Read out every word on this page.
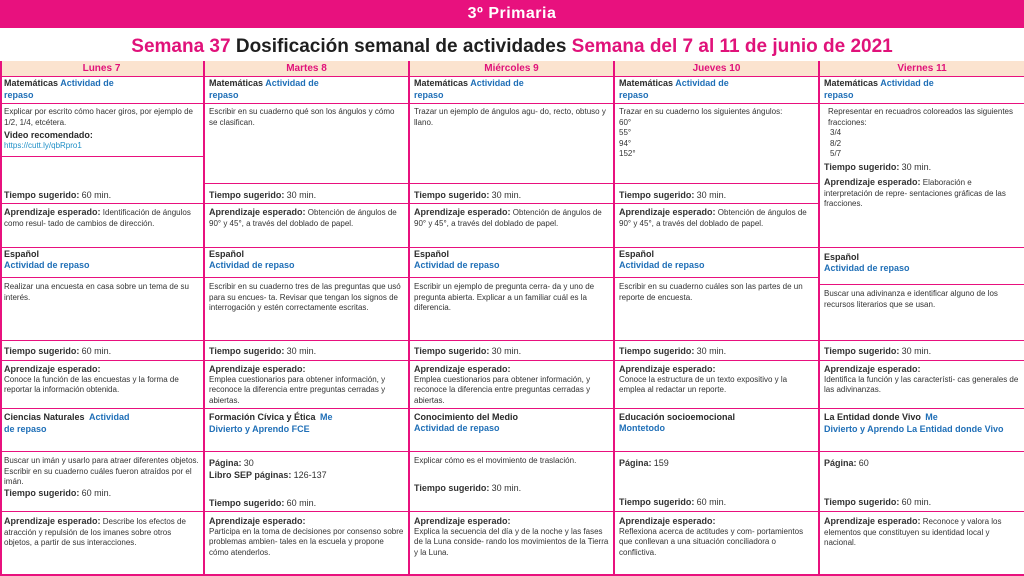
3º Primaria
Semana 37 Dosificación semanal de actividades Semana del 7 al 11 de junio de 2021
Lunes 7
Matemáticas Actividad de
repaso
Explicar por escrito cómo hacer giros, por ejemplo de 1/2, 1/4, etcétera.
Video recomendado:
https://cutt.ly/qbRpro1
Tiempo sugerido: 60 min.
Aprendizaje esperado: Identificación de ángulos como resul- tado de cambios de dirección.
Español
Actividad de repaso
Realizar una encuesta en casa sobre un tema de su interés.
Tiempo sugerido: 60 min.
Aprendizaje esperado:
Conoce la función de las encuestas y la forma de reportar la información obtenida.
Ciencias Naturales Actividad
de repaso
Buscar un imán y usarlo para atraer diferentes objetos. Escribir en su cuaderno cuáles fueron atraídos por el imán.
Tiempo sugerido: 60 min.
Aprendizaje esperado: Describe los efectos de atracción y repulsión de los imanes sobre otros objetos, a partir de sus interacciones.
Martes 8
Matemáticas Actividad de
repaso
Escribir en su cuaderno qué son los ángulos y cómo se clasifican.
Tiempo sugerido: 30 min.
Aprendizaje esperado: Obtención de ángulos de 90° y 45°, a través del doblado de papel.
Español
Actividad de repaso
Escribir en su cuaderno tres de las preguntas que usó para su encues- ta. Revisar que tengan los signos de interrogación y estén correctamente escritas.
Tiempo sugerido: 30 min.
Aprendizaje esperado:
Emplea cuestionarios para obtener información, y reconoce la diferencia entre preguntas cerradas y abiertas.
Formación Cívica y Ética Me
Divierto y Aprendo FCE
Página: 30
Libro SEP páginas: 126-137
Tiempo sugerido: 60 min.
Aprendizaje esperado:
Participa en la toma de decisiones por consenso sobre problemas ambien- tales en la escuela y propone cómo atenderlos.
Miércoles 9
Matemáticas Actividad de
repaso
Trazar un ejemplo de ángulos agu- do, recto, obtuso y llano.
Tiempo sugerido: 30 min.
Aprendizaje esperado: Obtención de ángulos de 90° y 45°, a través del doblado de papel.
Español
Actividad de repaso
Escribir un ejemplo de pregunta cerra- da y uno de pregunta abierta. Explicar a un familiar cuál es la diferencia.
Tiempo sugerido: 30 min.
Aprendizaje esperado:
Emplea cuestionarios para obtener información, y reconoce la diferencia entre preguntas cerradas y abiertas.
Conocimiento del Medio
Actividad de repaso
Explicar cómo es el movimiento de traslación.
Tiempo sugerido: 30 min.
Aprendizaje esperado:
Explica la secuencia del día y de la noche y las fases de la Luna conside- rando los movimientos de la Tierra y la Luna.
Jueves 10
Matemáticas Actividad de
repaso
Trazar en su cuaderno los siguientes ángulos:
60°
55°
94°
152°
Tiempo sugerido: 30 min.
Aprendizaje esperado: Obtención de ángulos de 90° y 45°, a través del doblado de papel.
Español
Actividad de repaso
Escribir en su cuaderno cuáles son las partes de un reporte de encuesta.
Tiempo sugerido: 30 min.
Aprendizaje esperado:
Conoce la estructura de un texto expositivo y la emplea al redactar un reporte.
Educación socioemocional
Montetodo
Página: 159
Tiempo sugerido: 60 min.
Aprendizaje esperado:
Reflexiona acerca de actitudes y com- portamientos que conllevan a una situación conciliadora o conflictiva.
Viernes 11
Matemáticas Actividad de
repaso
Representar en recuadros coloreados las siguientes fracciones:
3/4
8/2
5/7
Tiempo sugerido: 30 min.
Aprendizaje esperado: Elaboración e interpretación de repre- sentaciones gráficas de las fracciones.
Español
Actividad de repaso
Buscar una adivinanza e identificar alguno de los recursos literarios que se usan.
Tiempo sugerido: 30 min.
Aprendizaje esperado:
Identifica la función y las característi- cas generales de las adivinanzas.
La Entidad donde Vivo Me
Divierto y Aprendo La Entidad donde Vivo
Página: 60
Tiempo sugerido: 60 min.
Aprendizaje esperado: Reconoce y valora los elementos que constituyen su identidad local y nacional.
